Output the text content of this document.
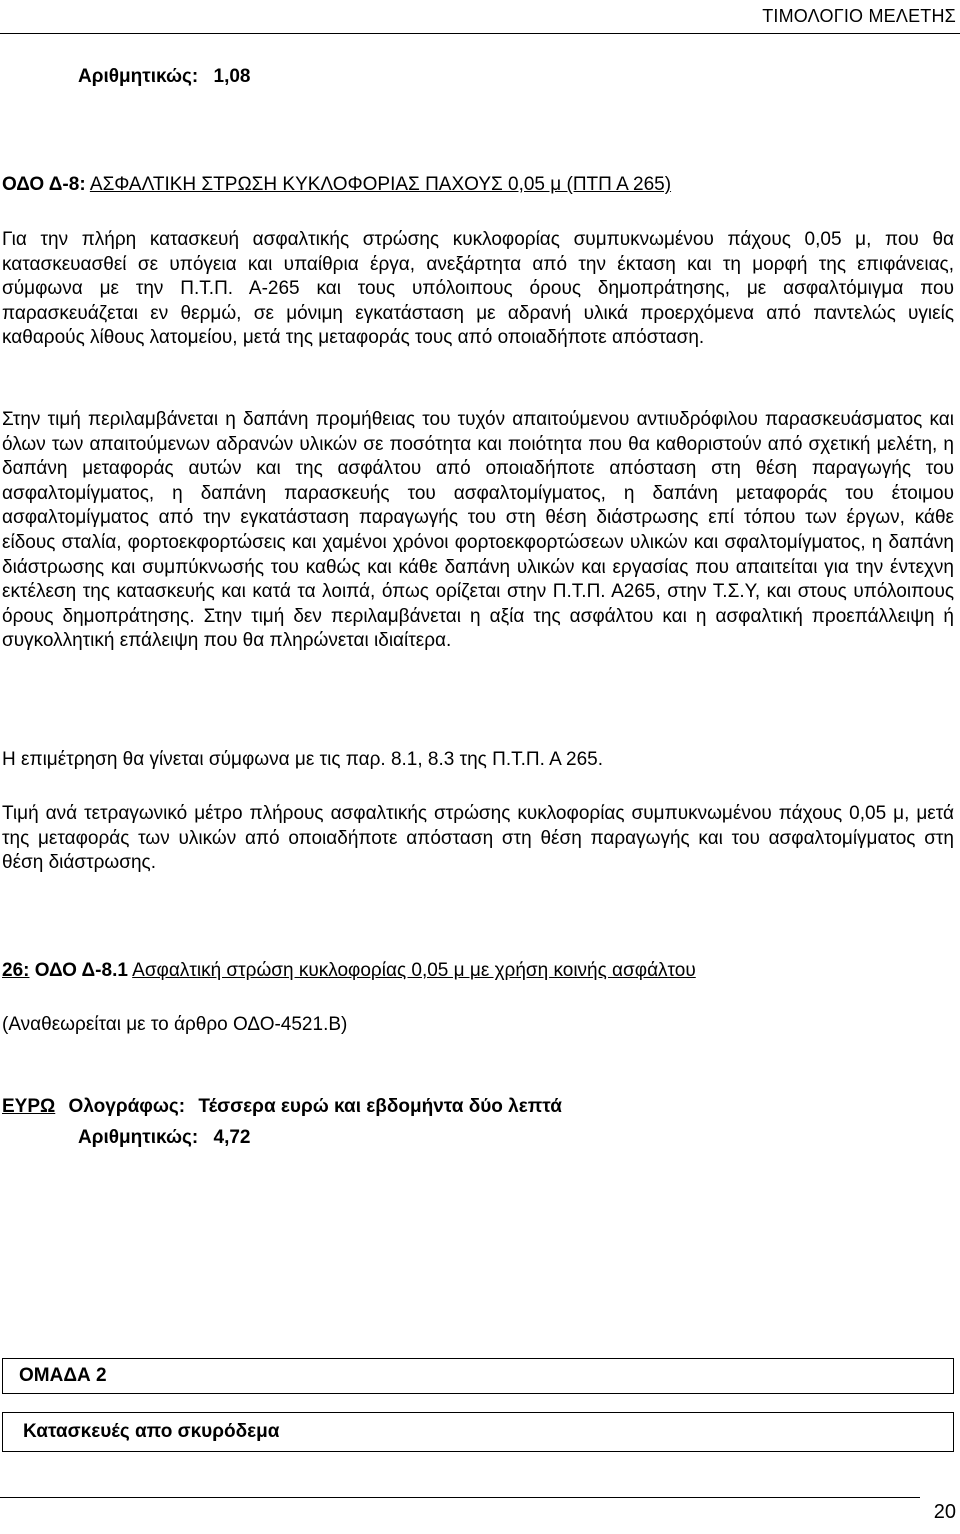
ΤΙΜΟΛΟΓΙΟ ΜΕΛΕΤΗΣ
Αριθμητικώς: 1,08
ΟΔΟ Δ-8: ΑΣΦΑΛΤΙΚΗ ΣΤΡΩΣΗ ΚΥΚΛΟΦΟΡΙΑΣ ΠΑΧΟΥΣ 0,05 μ (ΠΤΠ Α 265)
Για την πλήρη κατασκευή ασφαλτικής στρώσης κυκλοφορίας συμπυκνωμένου πάχους 0,05 μ, που θα κατασκευασθεί σε υπόγεια και υπαίθρια έργα, ανεξάρτητα από την έκταση και τη μορφή της επιφάνειας, σύμφωνα με την Π.Τ.Π. Α-265 και τους υπόλοιπους όρους δημοπράτησης, με ασφαλτόμιγμα που παρασκευάζεται εν θερμώ, σε μόνιμη εγκατάσταση με αδρανή υλικά προερχόμενα από παντελώς υγιείς καθαρούς λίθους λατομείου, μετά της μεταφοράς τους από οποιαδήποτε απόσταση.
Στην τιμή περιλαμβάνεται η δαπάνη προμήθειας του τυχόν απαιτούμενου αντιυδρόφιλου παρασκευάσματος και όλων των απαιτούμενων αδρανών υλικών σε ποσότητα και ποιότητα που θα καθοριστούν από σχετική μελέτη, η δαπάνη μεταφοράς αυτών και της ασφάλτου από οποιαδήποτε απόσταση στη θέση παραγωγής του ασφαλτομίγματος, η δαπάνη παρασκευής του ασφαλτομίγματος, η δαπάνη μεταφοράς του έτοιμου ασφαλτομίγματος από την εγκατάσταση παραγωγής του στη θέση διάστρωσης επί τόπου των έργων, κάθε είδους σταλία, φορτοεκφορτώσεις και χαμένοι χρόνοι φορτοεκφορτώσεων υλικών και σφαλτομίγματος, η δαπάνη διάστρωσης και συμπύκνωσής του καθώς και κάθε δαπάνη υλικών και εργασίας που απαιτείται για την έντεχνη εκτέλεση της κατασκευής και κατά τα λοιπά, όπως ορίζεται στην Π.Τ.Π. Α265, στην Τ.Σ.Υ, και στους υπόλοιπους όρους δημοπράτησης. Στην τιμή δεν περιλαμβάνεται η αξία της ασφάλτου και η ασφαλτική προεπάλλειψη ή συγκολλητική επάλειψη που θα πληρώνεται ιδιαίτερα.
Η επιμέτρηση θα γίνεται σύμφωνα με τις παρ. 8.1, 8.3 της Π.Τ.Π. Α 265.
Τιμή ανά τετραγωνικό μέτρο πλήρους ασφαλτικής στρώσης κυκλοφορίας συμπυκνωμένου πάχους 0,05 μ, μετά της μεταφοράς των υλικών από οποιαδήποτε απόσταση στη θέση παραγωγής και του ασφαλτομίγματος στη θέση διάστρωσης.
26: ΟΔΟ Δ-8.1 Ασφαλτική στρώση κυκλοφορίας 0,05 μ με χρήση κοινής ασφάλτου
(Αναθεωρείται με το άρθρο ΟΔΟ-4521.Β)
ΕΥΡΩ Ολογράφως: Τέσσερα ευρώ και εβδομήντα δύο λεπτά
Αριθμητικώς: 4,72
ΟΜΑΔΑ 2
Κατασκευές απο σκυρόδεμα
20
